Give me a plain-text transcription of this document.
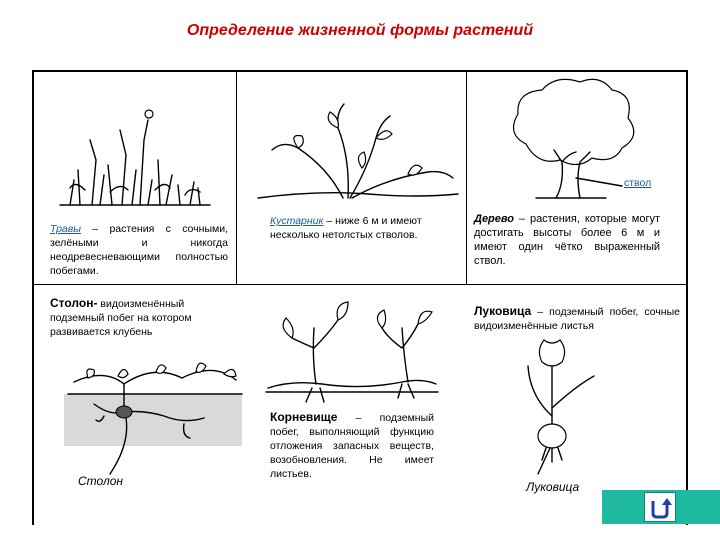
Определение жизненной формы растений
Травы – растения с сочными, зелёными и никогда неодревесневающими полностью побегами.
Кустарник – ниже 6 м и имеют несколько нетолстых стволов.
ствол
Дерево – растения, которые могут достигать высоты более 6 м и имеют один чётко выраженный ствол.
Столон- видоизменённый подземный побег на котором развивается клубень
Столон
Корневище – подземный побег, выполняющий функцию отложения запасных веществ, возобновления. Не имеет листьев.
Луковица – подземный побег, сочные видоизменённые листья
Луковица
